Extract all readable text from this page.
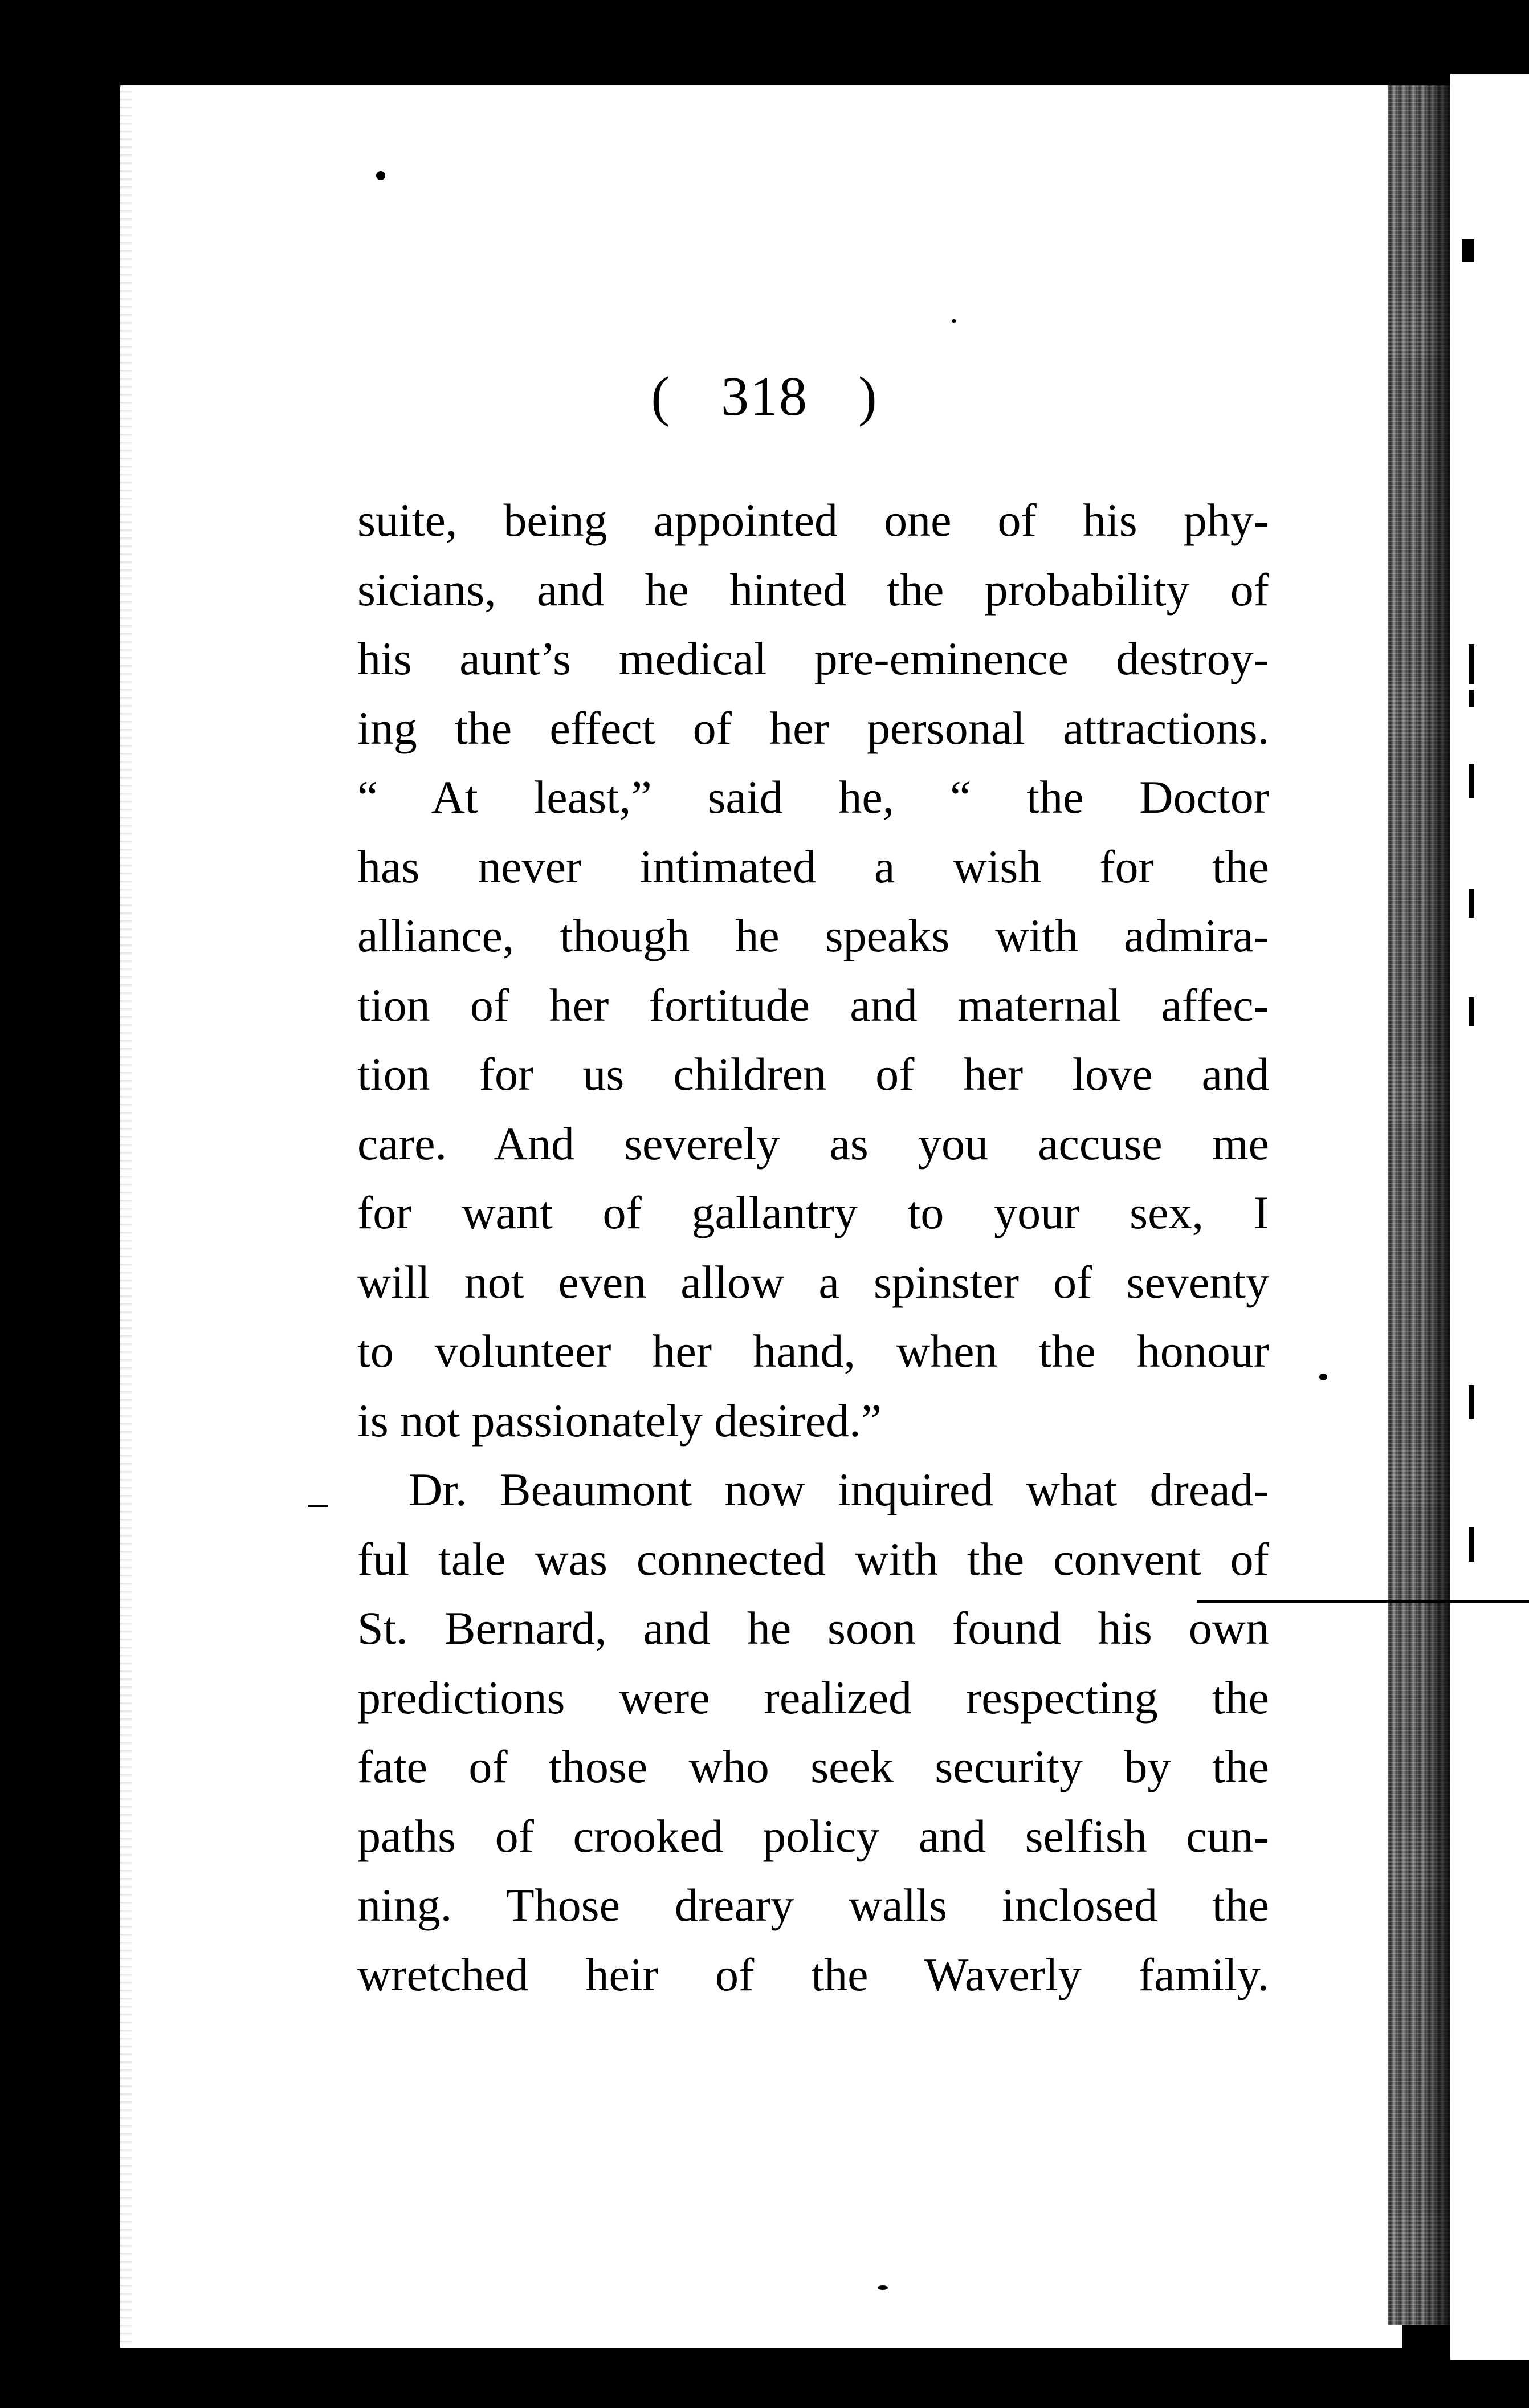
( 318 )
suite, being appointed one of his phy-
sicians, and he hinted the probability of
his aunt’s medical pre-eminence destroy-
ing the effect of her personal attractions.
“ At least,” said he, “ the Doctor
has never intimated a wish for the
alliance, though he speaks with admira-
tion of her fortitude and maternal affec-
tion for us children of her love and
care. And severely as you accuse me
for want of gallantry to your sex, I
will not even allow a spinster of seventy
to volunteer her hand, when the honour
is not passionately desired.”
Dr. Beaumont now inquired what dread-
ful tale was connected with the convent of
St. Bernard, and he soon found his own
predictions were realized respecting the
fate of those who seek security by the
paths of crooked policy and selfish cun-
ning. Those dreary walls inclosed the
wretched heir of the Waverly family.
